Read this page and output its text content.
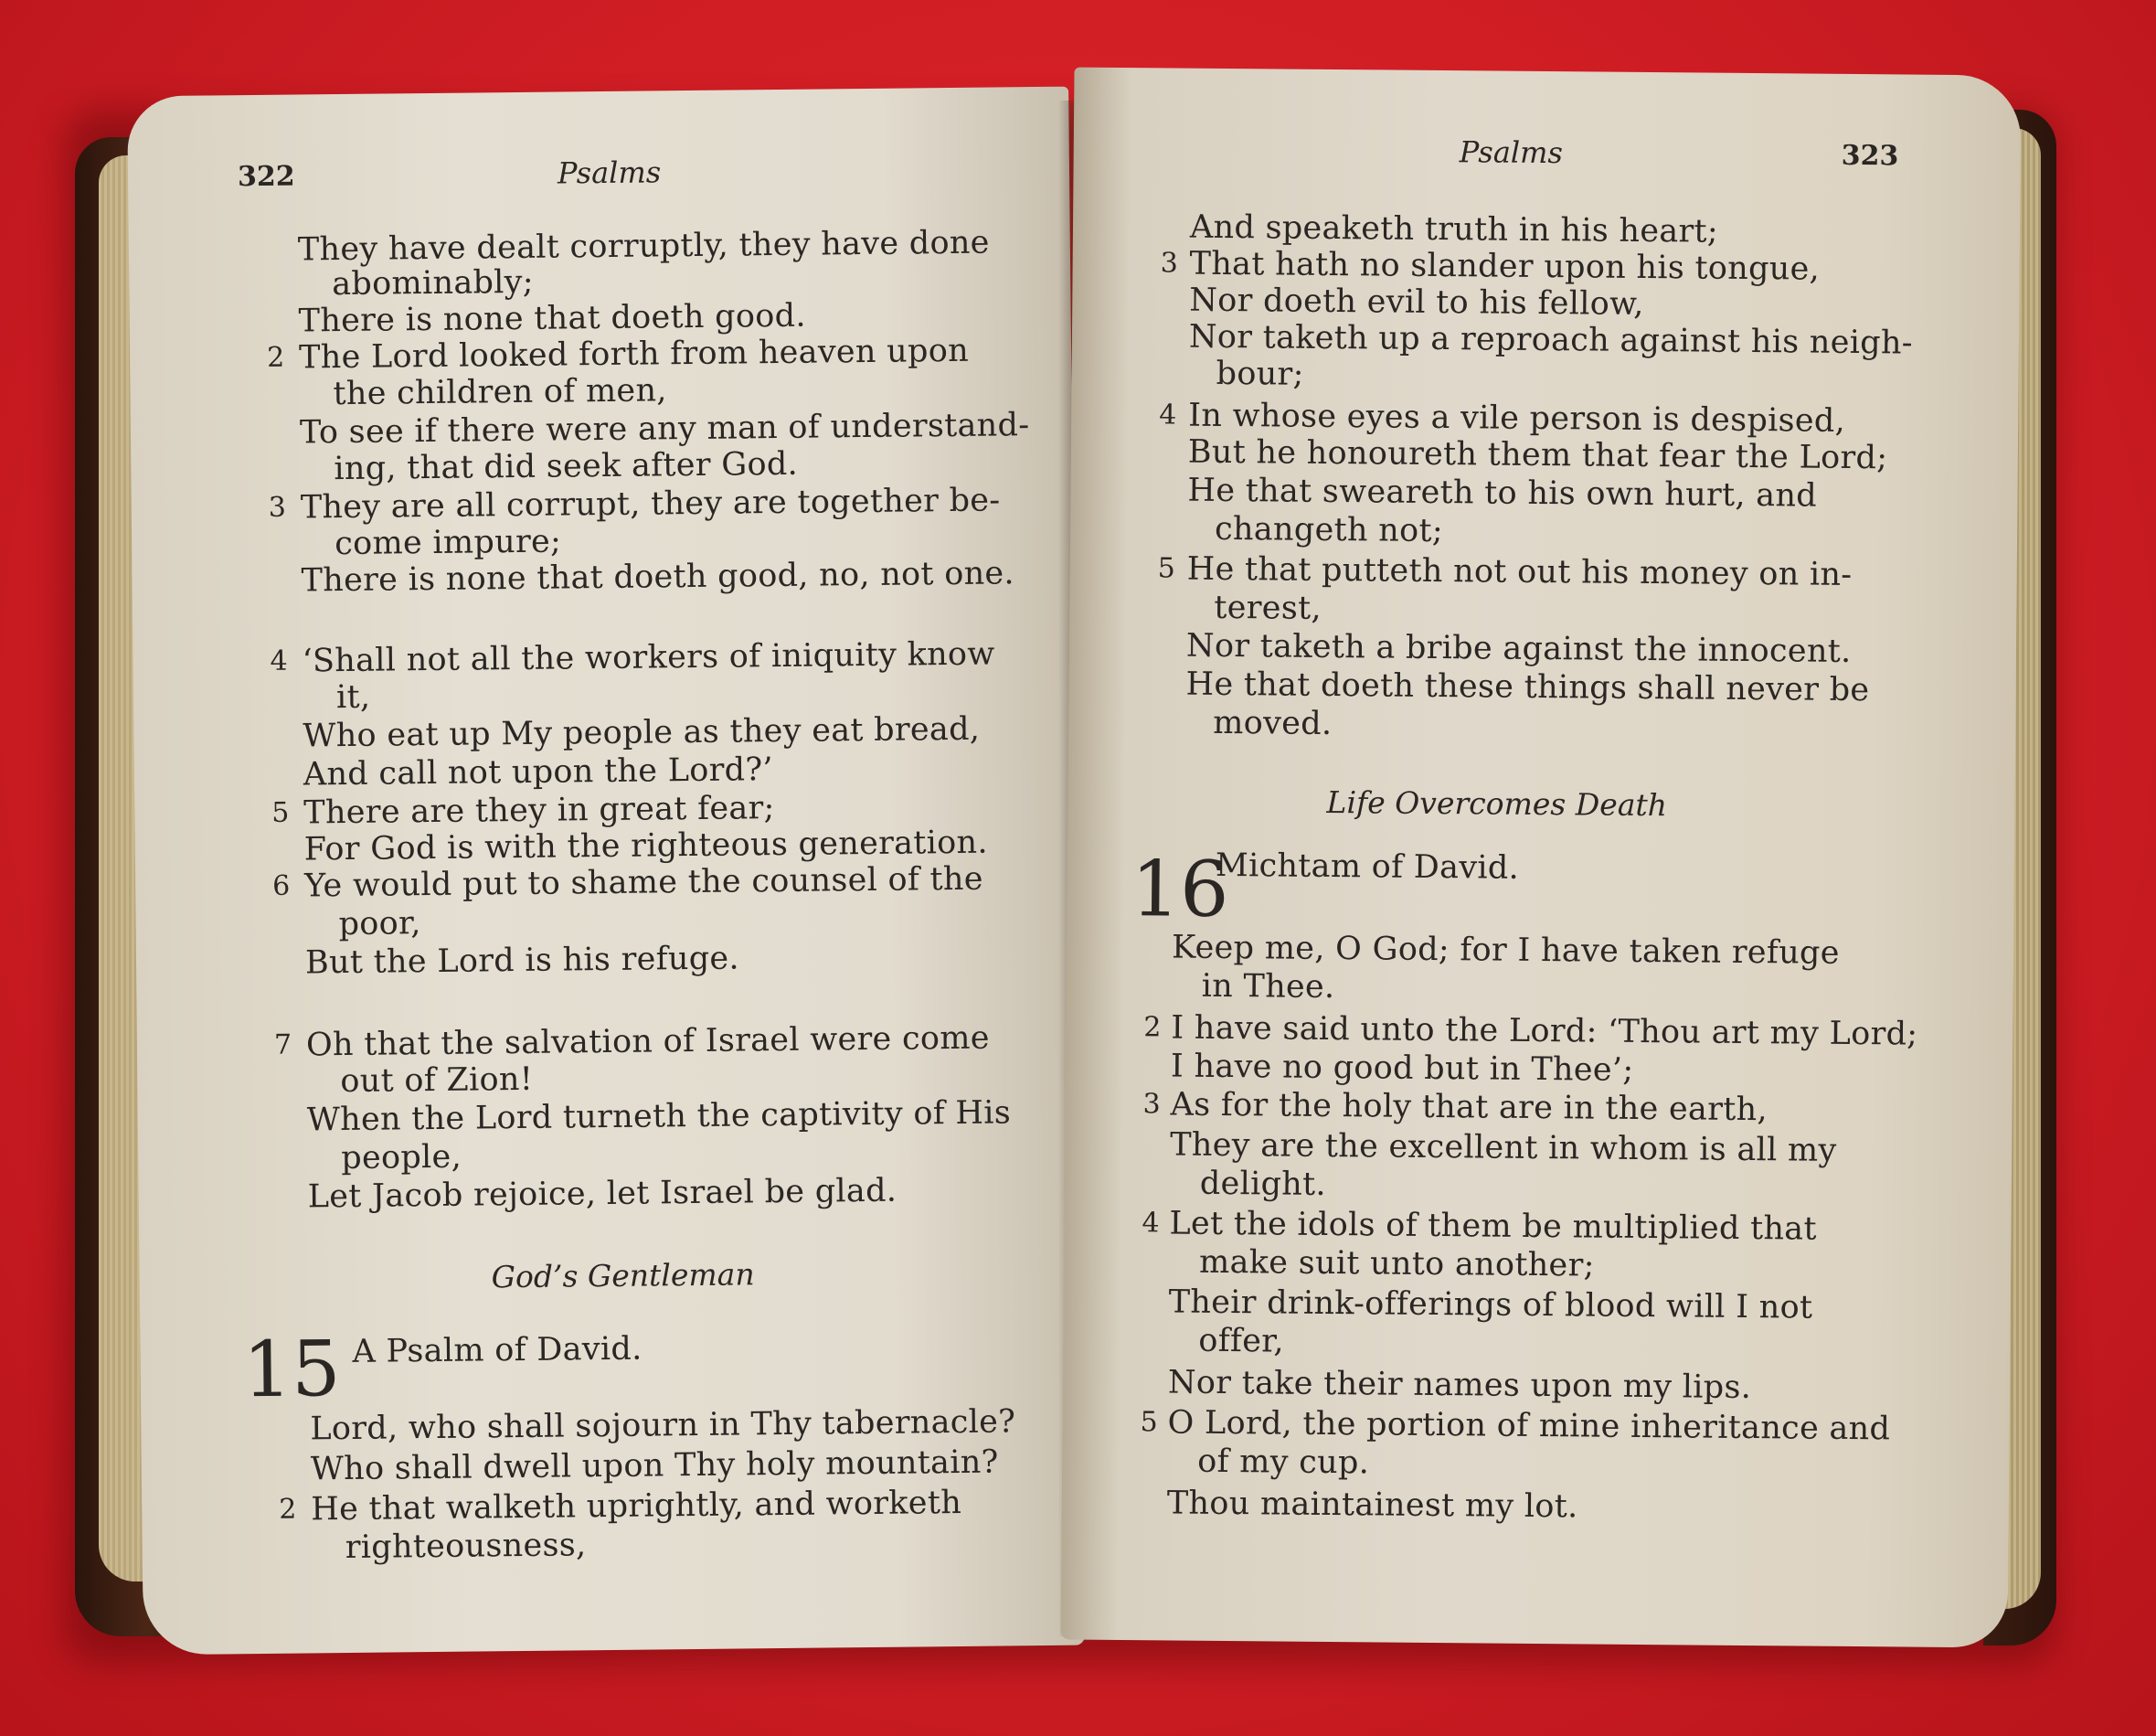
322	Psalms
They have dealt corruptly, they have done
abominably;
There is none that doeth good.
2 The Lord looked forth from heaven upon
the children of men,
To see if there were any man of understand-
ing, that did seek after God.
3 They are all corrupt, they are together be-
come impure;
There is none that doeth good, no, not one.
4 ‘Shall not all the workers of iniquity know
it,
Who eat up My people as they eat bread,
And call not upon the Lord?’
5 There are they in great fear;
For God is with the righteous generation.
6 Ye would put to shame the counsel of the
poor,
But the Lord is his refuge.
7 Oh that the salvation of Israel were come
out of Zion!
When the Lord turneth the captivity of His
people,
Let Jacob rejoice, let Israel be glad.
God’s Gentleman
15 A Psalm of David.
Lord, who shall sojourn in Thy tabernacle?
Who shall dwell upon Thy holy mountain?
2 He that walketh uprightly, and worketh
righteousness,
Psalms	323
And speaketh truth in his heart;
3 That hath no slander upon his tongue,
Nor doeth evil to his fellow,
Nor taketh up a reproach against his neigh-
bour;
4 In whose eyes a vile person is despised,
But he honoureth them that fear the Lord;
He that sweareth to his own hurt, and
changeth not;
5 He that putteth not out his money on in-
terest,
Nor taketh a bribe against the innocent.
He that doeth these things shall never be
moved.
Life Overcomes Death
16
Michtam of David.
Keep me, O God; for I have taken refuge
in Thee.
2 I have said unto the Lord: ‘Thou art my Lord;
I have no good but in Thee’;
3 As for the holy that are in the earth,
They are the excellent in whom is all my
delight.
4 Let the idols of them be multiplied that
make suit unto another;
Their drink-offerings of blood will I not
offer,
Nor take their names upon my lips.
5 O Lord, the portion of mine inheritance and
of my cup.
Thou maintainest my lot.
